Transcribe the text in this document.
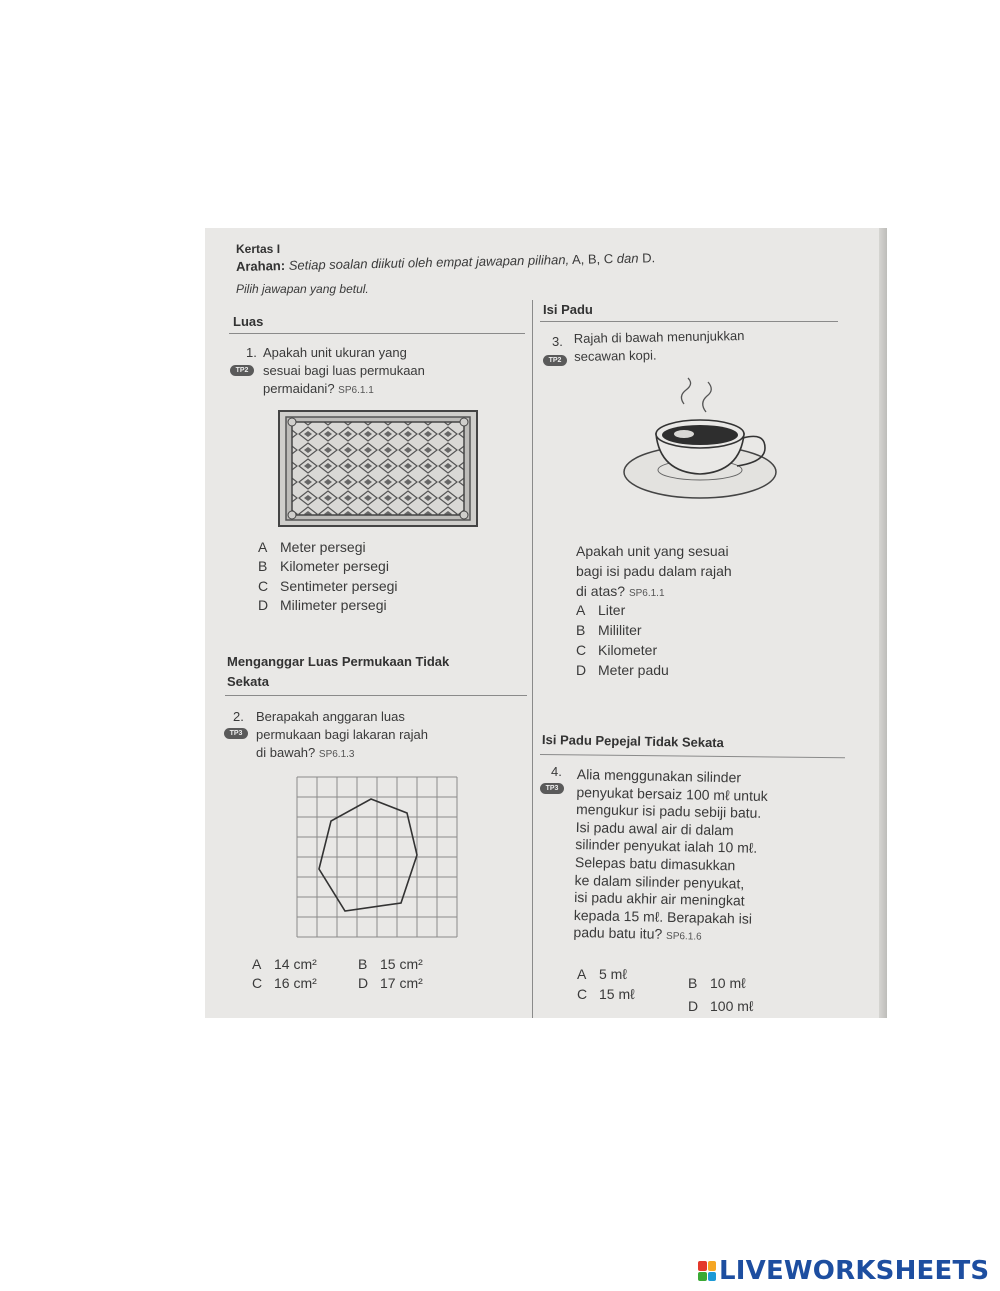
Kertas I
Arahan: Setiap soalan diikuti oleh empat jawapan pilihan, A, B, C dan D.
Pilih jawapan yang betul.
Luas
1.
TP2
Apakah unit ukuran yang
sesuai bagi luas permukaan
permaidani? SP6.1.1
A Meter persegi
B Kilometer persegi
C Sentimeter persegi
D Milimeter persegi
Menganggar Luas Permukaan Tidak
Sekata
2.
TP3
Berapakah anggaran luas
permukaan bagi lakaran rajah
di bawah? SP6.1.3
A 14 cm²	B 15 cm²
C 16 cm²	D 17 cm²
Isi Padu
3.
TP2
Rajah di bawah menunjukkan
secawan kopi.
Apakah unit yang sesuai
bagi isi padu dalam rajah
di atas? SP6.1.1
A Liter
B Mililiter
C Kilometer
D Meter padu
Isi Padu Pepejal Tidak Sekata
4.
TP3
Alia menggunakan silinder
penyukat bersaiz 100 mℓ untuk
mengukur isi padu sebiji batu.
Isi padu awal air di dalam
silinder penyukat ialah 10 mℓ.
Selepas batu dimasukkan
ke dalam silinder penyukat,
isi padu akhir air meningkat
kepada 15 mℓ. Berapakah isi
padu batu itu? SP6.1.6
A 5 mℓ
B 10 mℓ
C 15 mℓ
D 100 mℓ
LIVEWORKSHEETS
